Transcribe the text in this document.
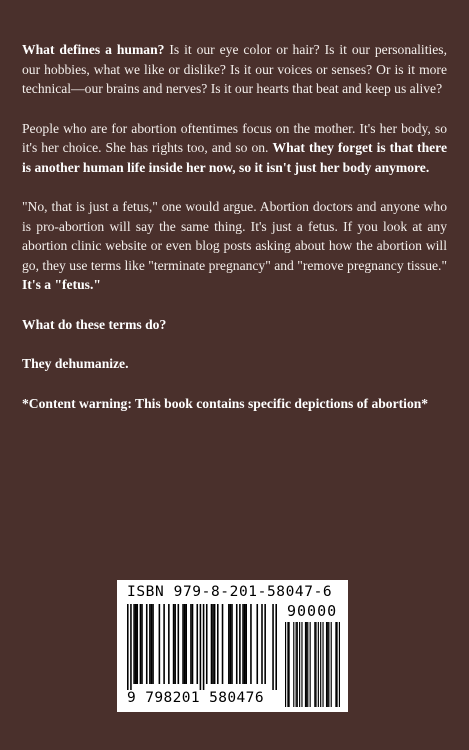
What defines a human? Is it our eye color or hair? Is it our personalities, our hobbies, what we like or dislike? Is it our voices or senses? Or is it more technical—our brains and nerves? Is it our hearts that beat and keep us alive?

People who are for abortion oftentimes focus on the mother. It's her body, so it's her choice. She has rights too, and so on. What they forget is that there is another human life inside her now, so it isn't just her body anymore.

"No, that is just a fetus," one would argue. Abortion doctors and anyone who is pro-abortion will say the same thing. It's just a fetus. If you look at any abortion clinic website or even blog posts asking about how the abortion will go, they use terms like "terminate pregnancy" and "remove pregnancy tissue." It's a "fetus."

What do these terms do?

They dehumanize.

*Content warning: This book contains specific depictions of abortion*

ISBN 979-8-201-58047-6
90000
9 798201 580476
